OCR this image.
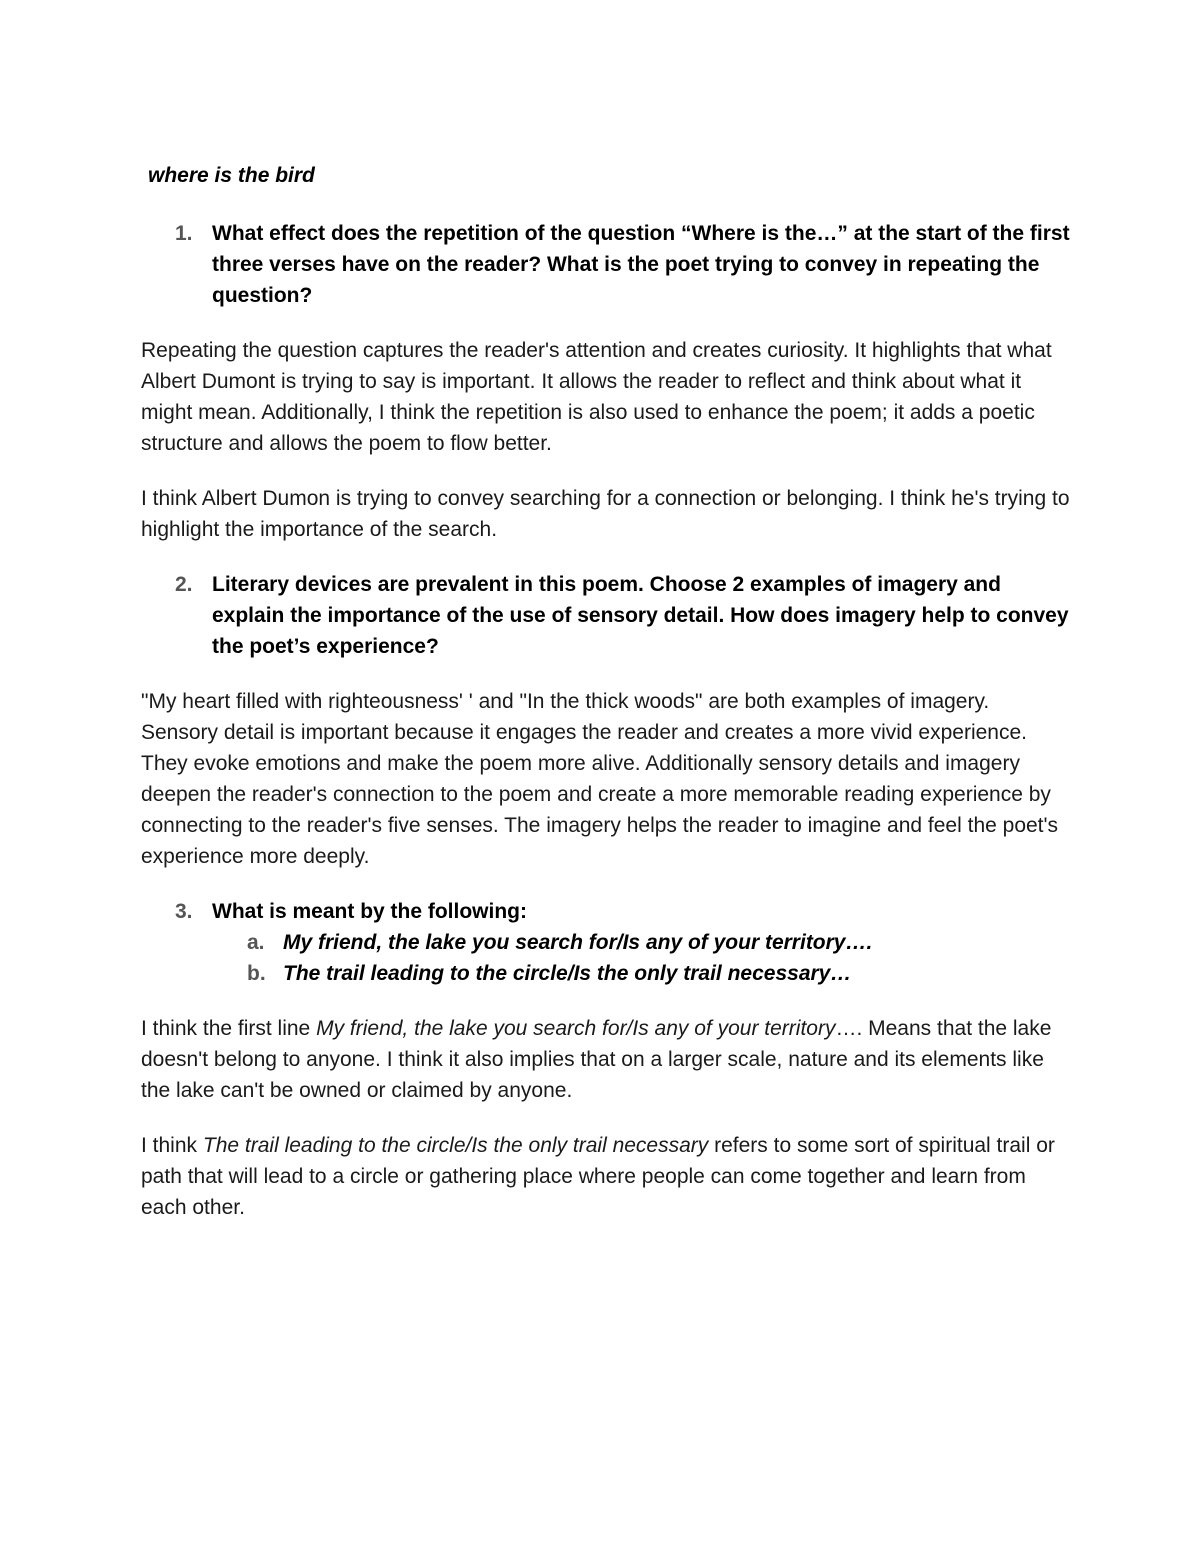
where is the bird

1. What effect does the repetition of the question “Where is the…” at the start of the first three verses have on the reader? What is the poet trying to convey in repeating the question?

Repeating the question captures the reader's attention and creates curiosity. It highlights that what Albert Dumont is trying to say is important. It allows the reader to reflect and think about what it might mean. Additionally, I think the repetition is also used to enhance the poem; it adds a poetic structure and allows the poem to flow better.

I think Albert Dumon is trying to convey searching for a connection or belonging. I think he's trying to highlight the importance of the search.

2. Literary devices are prevalent in this poem. Choose 2 examples of imagery and explain the importance of the use of sensory detail. How does imagery help to convey the poet’s experience?

"My heart filled with righteousness' ' and "In the thick woods" are both examples of imagery. Sensory detail is important because it engages the reader and creates a more vivid experience. They evoke emotions and make the poem more alive. Additionally sensory details and imagery deepen the reader's connection to the poem and create a more memorable reading experience by connecting to the reader's five senses. The imagery helps the reader to imagine and feel the poet's experience more deeply.

3. What is meant by the following:
a. My friend, the lake you search for/Is any of your territory….
b. The trail leading to the circle/Is the only trail necessary…

I think the first line My friend, the lake you search for/Is any of your territory…. Means that the lake doesn't belong to anyone. I think it also implies that on a larger scale, nature and its elements like the lake can't be owned or claimed by anyone.

I think The trail leading to the circle/Is the only trail necessary refers to some sort of spiritual trail or path that will lead to a circle or gathering place where people can come together and learn from each other.
